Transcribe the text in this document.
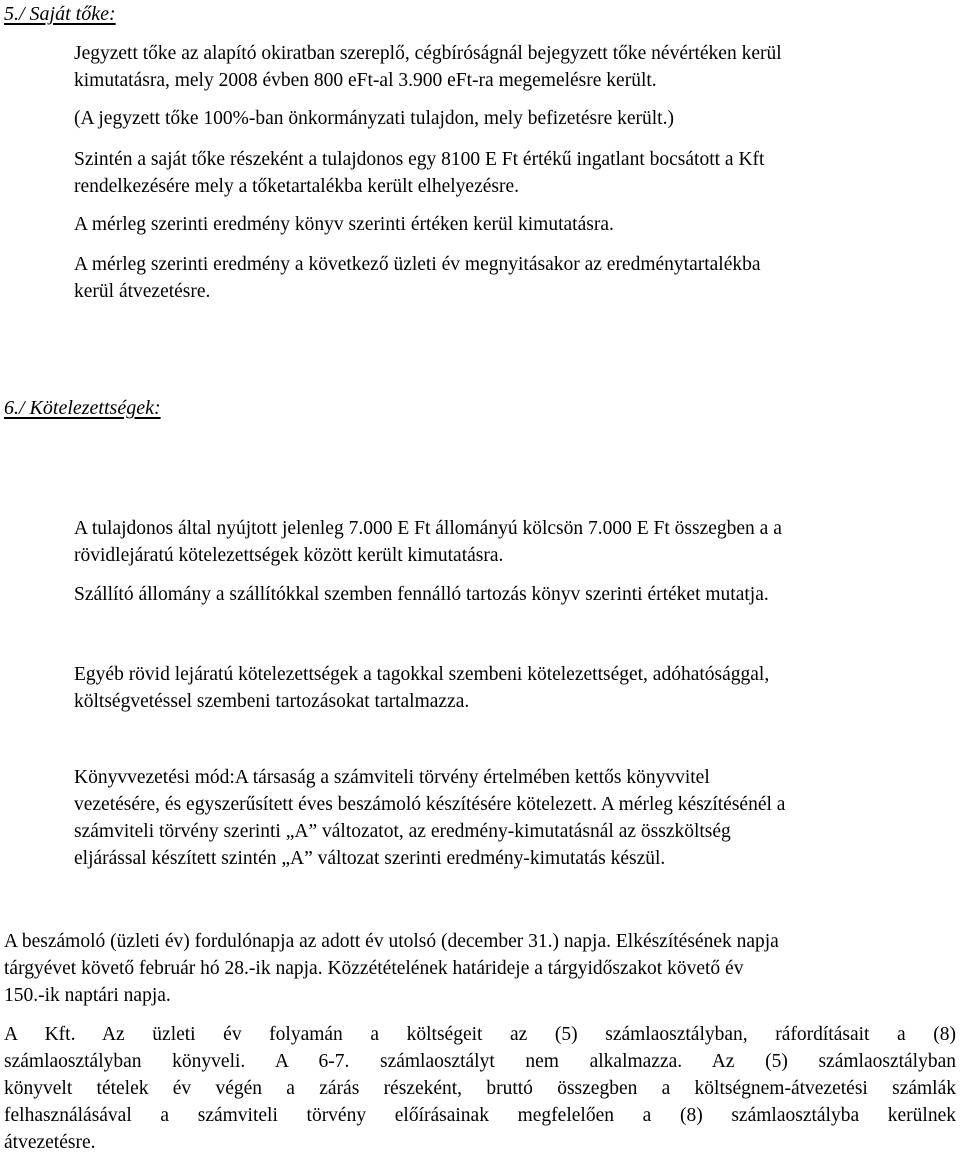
5./ Saját tőke:

Jegyzett tőke az alapító okiratban szereplő, cégbíróságnál bejegyzett tőke névértéken kerül
kimutatásra, mely 2008 évben 800 eFt-al 3.900 eFt-ra megemelésre került.

(A jegyzett tőke 100%-ban önkormányzati tulajdon, mely befizetésre került.)

Szintén a saját tőke részeként a tulajdonos egy 8100 E Ft értékű ingatlant bocsátott a Kft
rendelkezésére mely a tőketartalékba került elhelyezésre.

A mérleg szerinti eredmény könyv szerinti értéken kerül kimutatásra.

A mérleg szerinti eredmény a következő üzleti év megnyitásakor az eredménytartalékba
kerül átvezetésre.

6./ Kötelezettségek:

A tulajdonos által nyújtott jelenleg 7.000 E Ft állományú kölcsön 7.000 E Ft összegben a a
rövidlejáratú kötelezettségek között került kimutatásra.

Szállító állomány a szállítókkal szemben fennálló tartozás könyv szerinti értéket mutatja.

Egyéb rövid lejáratú kötelezettségek a tagokkal szembeni kötelezettséget, adóhatósággal,
költségvetéssel szembeni tartozásokat tartalmazza.

Könyvvezetési mód:A társaság a számviteli törvény értelmében kettős könyvvitel
vezetésére, és egyszerűsített éves beszámoló készítésére kötelezett. A mérleg készítésénél a
számviteli törvény szerinti „A” változatot, az eredmény-kimutatásnál az összköltség
eljárással készített szintén „A” változat szerinti eredmény-kimutatás készül.

A beszámoló (üzleti év) fordulónapja az adott év utolsó (december 31.) napja. Elkészítésének napja
tárgyévet követő február hó 28.-ik napja. Közzétételének határideje a tárgyidőszakot követő év
150.-ik naptári napja.

A Kft. Az üzleti év folyamán a költségeit az (5) számlaosztályban, ráfordításait a (8)
számlaosztályban könyveli. A 6-7. számlaosztályt nem alkalmazza. Az (5) számlaosztályban
könyvelt tételek év végén a zárás részeként, bruttó összegben a költségnem-átvezetési számlák
felhasználásával a számviteli törvény előírásainak megfelelően a (8) számlaosztályba kerülnek
átvezetésre.
